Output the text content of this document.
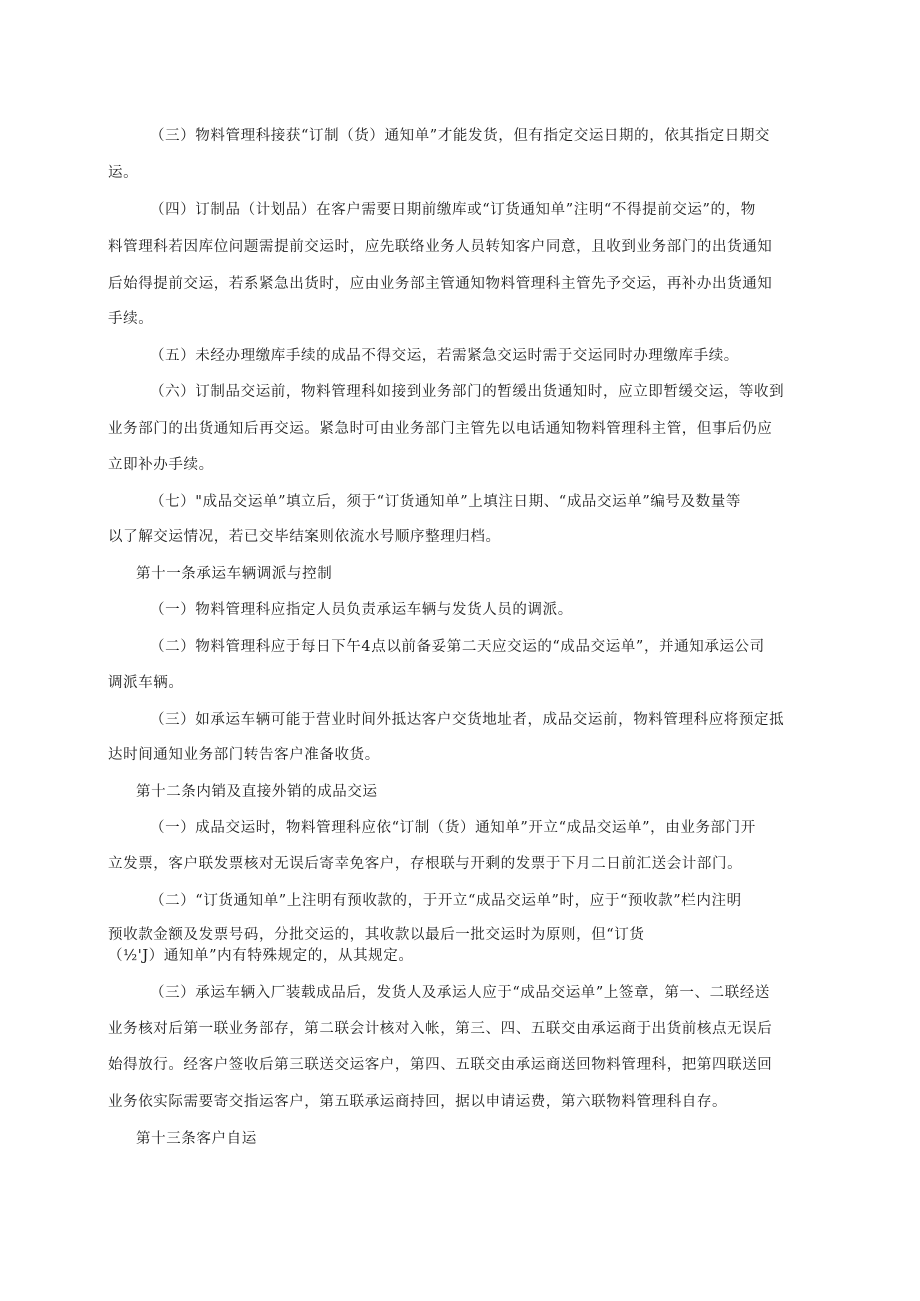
（三）物料管理科接获“订制（货）通知单”才能发货，但有指定交运日期的，依其指定日期交
运。
（四）订制品（计划品）在客户需要日期前缴库或“订货通知单”注明“不得提前交运”的，物
料管理科若因库位问题需提前交运时，应先联络业务人员转知客户同意，且收到业务部门的出货通知
后始得提前交运，若系紧急出货时，应由业务部主管通知物料管理科主管先予交运，再补办出货通知
手续。
（五）未经办理缴库手续的成品不得交运，若需紧急交运时需于交运同时办理缴库手续。
（六）订制品交运前，物料管理科如接到业务部门的暂缓出货通知时，应立即暂缓交运，等收到
业务部门的出货通知后再交运。紧急时可由业务部门主管先以电话通知物料管理科主管，但事后仍应
立即补办手续。
（七）"成品交运单”填立后，须于“订货通知单”上填注日期、“成品交运单”编号及数量等
以了解交运情况，若已交毕结案则依流水号顺序整理归档。
第十一条承运车辆调派与控制
（一）物料管理科应指定人员负责承运车辆与发货人员的调派。
（二）物料管理科应于每日下午4点以前备妥第二天应交运的“成品交运单”，并通知承运公司
调派车辆。
（三）如承运车辆可能于营业时间外抵达客户交货地址者，成品交运前，物料管理科应将预定抵
达时间通知业务部门转告客户准备收货。
第十二条内销及直接外销的成品交运
（一）成品交运时，物料管理科应依“订制（货）通知单”开立“成品交运单”，由业务部门开
立发票，客户联发票核对无误后寄幸免客户，存根联与开剩的发票于下月二日前汇送会计部门。
（二）“订货通知单”上注明有预收款的，于开立“成品交运单”时，应于“预收款”栏内注明
预收款金额及发票号码，分批交运的，其收款以最后一批交运时为原则，但“订货
（½'J）通知单”内有特殊规定的，从其规定。
（三）承运车辆入厂装载成品后，发货人及承运人应于“成品交运单”上签章，第一、二联经送
业务核对后第一联业务部存，第二联会计核对入帐，第三、四、五联交由承运商于出货前核点无误后
始得放行。经客户签收后第三联送交运客户，第四、五联交由承运商送回物料管理科，把第四联送回
业务依实际需要寄交指运客户，第五联承运商持回，据以申请运费，第六联物料管理科自存。
第十三条客户自运
